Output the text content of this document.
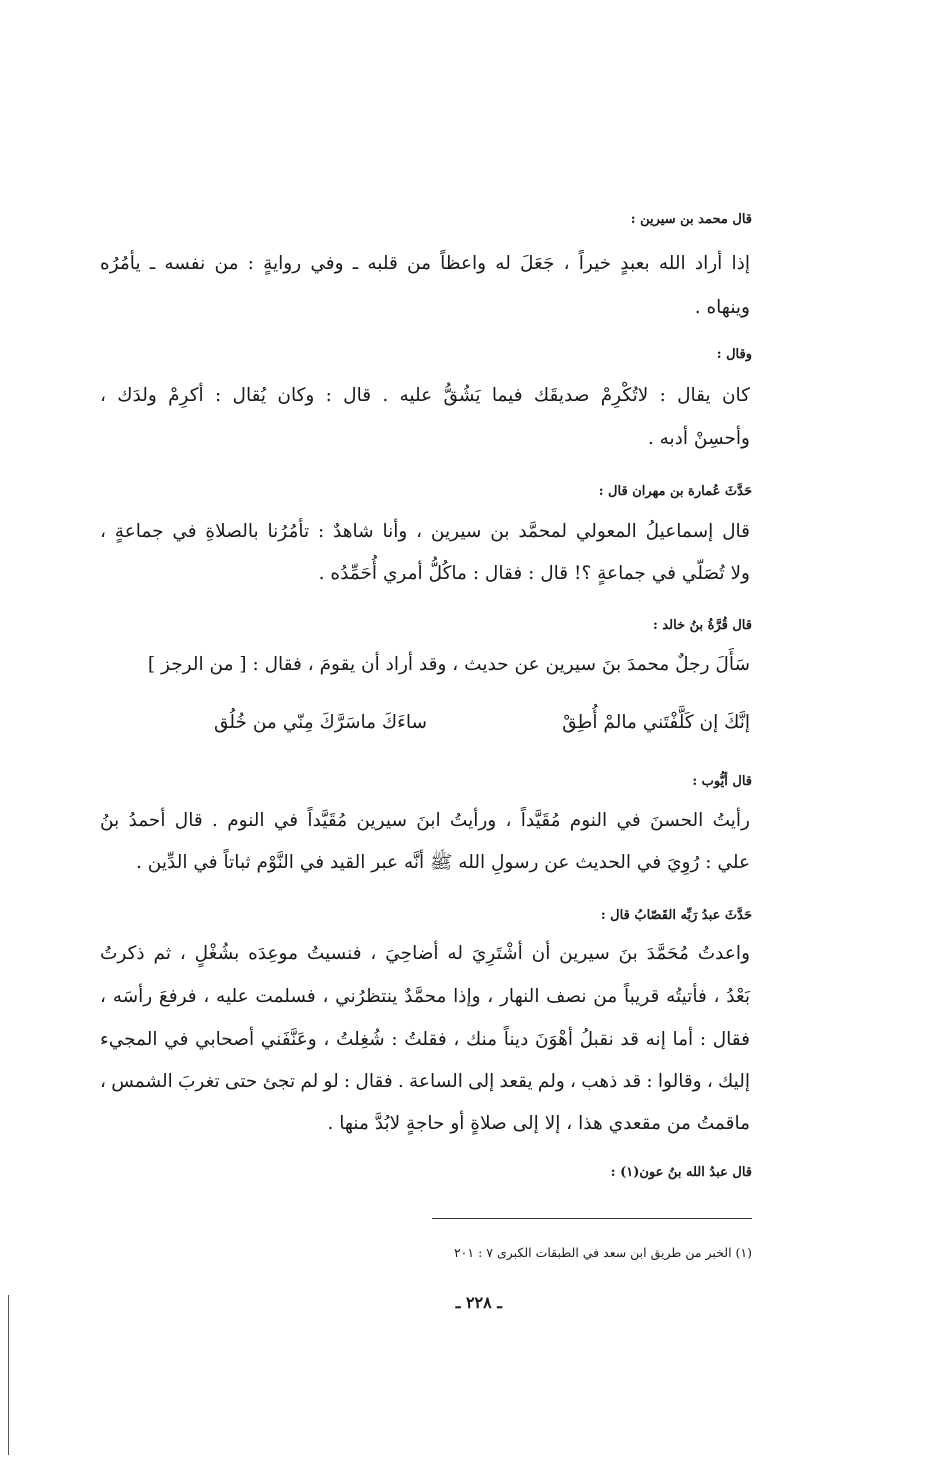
قال محمد بن سيرين :
إذا أراد الله بعبدٍ خيراً ، جَعَلَ له واعظاً من قلبه ـ وفي روايةٍ : من نفسه ـ يأمُرُه
وينهاه .
وقال :
كان يقال : لاتُكْرِمْ صديقَك فيما يَشُقُّ عليه . قال : وكان يُقال : أكرِمْ ولدَك ،
وأحسِنْ أدبه .
حَدَّثَ عُمارة بن مهران قال :
قال إسماعيلُ المعولي لمحمَّد بن سيرين ، وأنا شاهدٌ : تأمُرُنا بالصلاةِ في جماعةٍ ،
ولا تُصَلّي في جماعةٍ ؟! قال : فقال : ماكُلُّ أمري أُحَمِّدُه .
قال قُرَّةُ بنُ خالد :
سَأَلَ رجلٌ محمدَ بنَ سيرين عن حديث ، وقد أراد أن يقومَ ، فقال : [ من الرجز ]
إنَّكَ إن كَلَّفْتَني مالمْ أُطِقْ
ساءَكَ ماسَرَّكَ مِنّي من خُلُق
قال أيُّوب :
رأيتُ الحسنَ في النوم مُقَيَّداً ، ورأيتُ ابنَ سيرين مُقَيَّداً في النوم . قال أحمدُ بنُ
علي : رُوِيَ في الحديث عن رسولِ الله ﷺ أنَّه عبر القيد في النَّوْم ثباتاً في الدِّين .
حَدَّثَ عبدُ رَبِّه القَصّابُ قال :
واعدتُ مُحَمَّدَ بنَ سيرين أن أشْتَرِيَ له أضاحِيَ ، فنسيتُ موعِدَه بشُغْلٍ ، ثم ذكرتُ
بَعْدُ ، فأتيتُه قريباً من نصف النهار ، وإذا محمَّدٌ ينتظرُني ، فسلمت عليه ، فرفعَ رأسَه ،
فقال : أما إنه قد نقبلُ أهْوَنَ ديناً منك ، فقلتُ : شُغِلتُ ، وعَنَّفَني أصحابي في المجيء
إليك ، وقالوا : قد ذهب ، ولم يقعد إلى الساعة . فقال : لو لم تجئ حتى تغربَ الشمس ،
ماقمتُ من مقعدي هذا ، إلا إلى صلاةٍ أو حاجةٍ لابُدَّ منها .
قال عبدُ الله بنُ عون(١) :
(١) الخبر من طريق ابن سعد في الطبقات الكبرى ٧ : ٢٠١
ـ ٢٢٨ ـ
